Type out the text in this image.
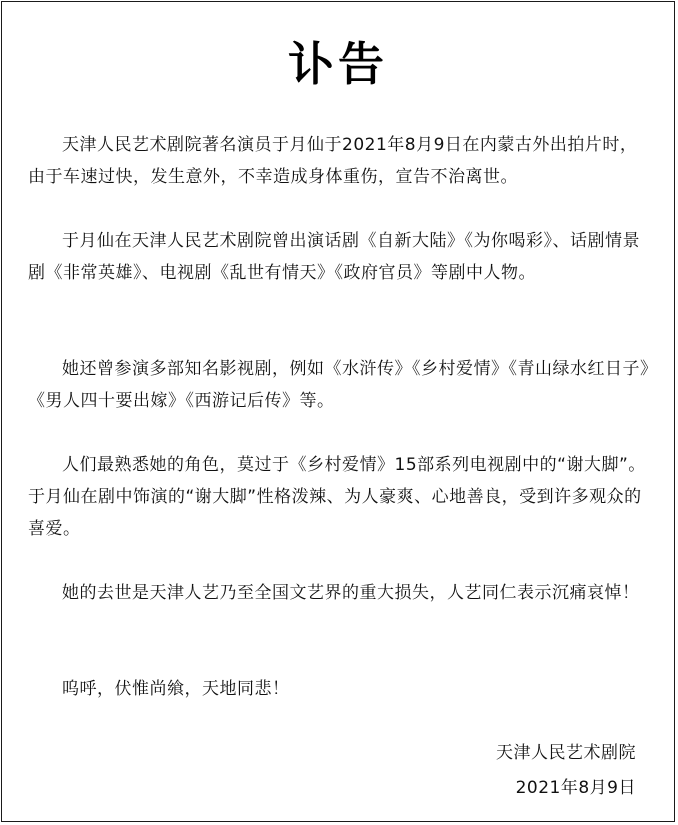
讣告

天津人民艺术剧院著名演员于月仙于2021年8月9日在内蒙古外出拍片时，由于车速过快，发生意外，不幸造成身体重伤，宣告不治离世。

于月仙在天津人民艺术剧院曾出演话剧《自新大陆》《为你喝彩》、话剧情景剧《非常英雄》、电视剧《乱世有情天》《政府官员》等剧中人物。

她还曾参演多部知名影视剧，例如《水浒传》《乡村爱情》《青山绿水红日子》《男人四十要出嫁》《西游记后传》等。

人们最熟悉她的角色，莫过于《乡村爱情》15部系列电视剧中的“谢大脚”。于月仙在剧中饰演的“谢大脚”性格泼辣、为人豪爽、心地善良，受到许多观众的喜爱。

她的去世是天津人艺乃至全国文艺界的重大损失，人艺同仁表示沉痛哀悼！

呜呼，伏惟尚飨，天地同悲！

天津人民艺术剧院
2021年8月9日
